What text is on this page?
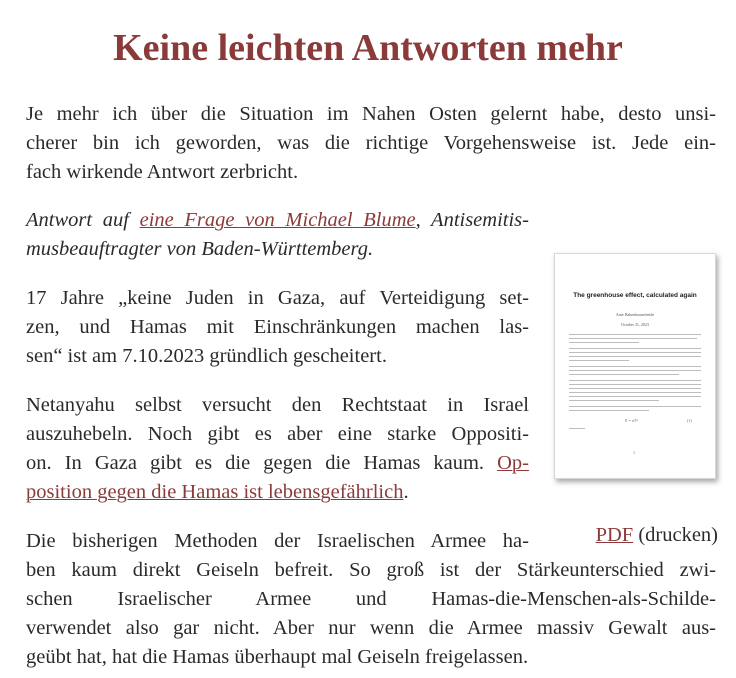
Keine leichten Antworten mehr
Je mehr ich über die Situation im Nahen Osten gelernt habe, desto unsi-
cherer bin ich geworden, was die richtige Vorgehensweise ist. Jede ein-
fach wirkende Antwort zerbricht.
Antwort auf eine Frage von Michael Blume, Antisemitis-
musbeauftragter von Baden-Württemberg.
17 Jahre „keine Juden in Gaza, auf Verteidigung set-
zen, und Hamas mit Einschränkungen machen las-
sen“ ist am 7.10.2023 gründlich gescheitert.
Netanyahu selbst versucht den Rechtstaat in Israel
auszuhebeln. Noch gibt es aber eine starke Oppositi-
on. In Gaza gibt es die gegen die Hamas kaum. Op-
position gegen die Hamas ist lebensgefährlich.
The greenhouse effect, calculated again
Arne Babenhauserheide
October 31, 2023
E = σT⁴	(1)
1
PDF (drucken)
Die bisherigen Methoden der Israelischen Armee ha-
ben kaum direkt Geiseln befreit. So groß ist der Stärkeunterschied zwi-
schen Israelischer Armee und Hamas-die-Menschen-als-Schilde-
verwendet also gar nicht. Aber nur wenn die Armee massiv Gewalt aus-
geübt hat, hat die Hamas überhaupt mal Geiseln freigelassen.
